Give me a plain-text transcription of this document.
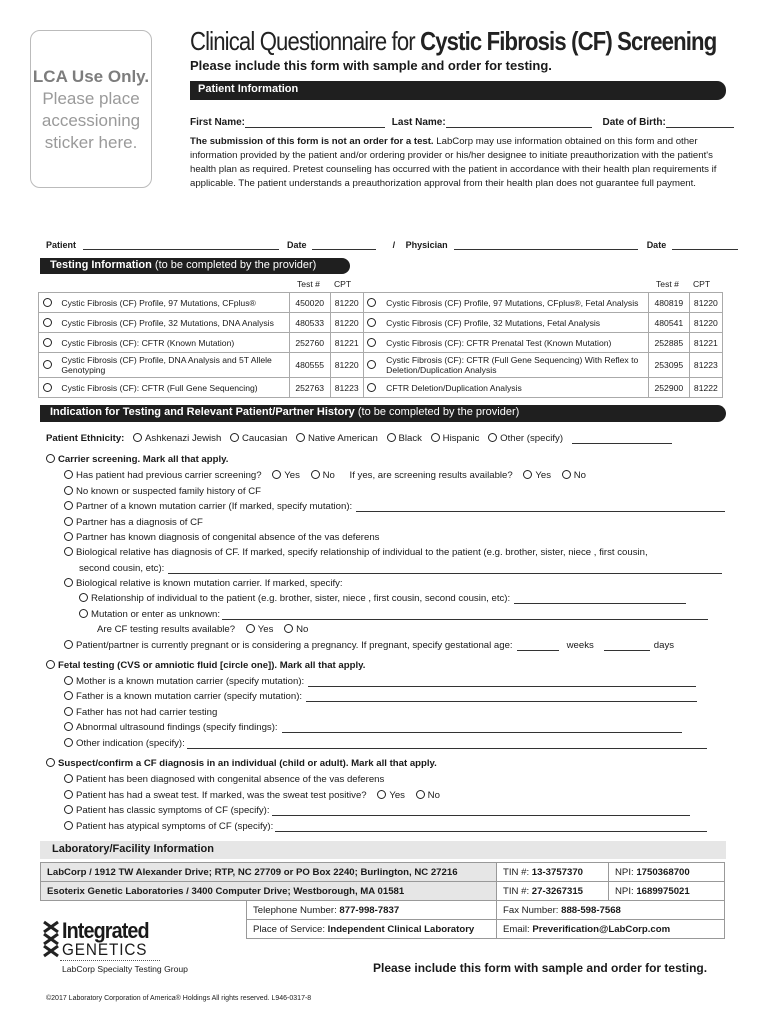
LCA Use Only.
Please place
accessioning
sticker here.
Clinical Questionnaire for Cystic Fibrosis (CF) Screening
Please include this form with sample and order for testing.
Patient Information
First Name:	Last Name:	Date of Birth:
The submission of this form is not an order for a test. LabCorp may use information obtained on this form and other information provided by the patient and/or ordering provider or his/her designee to initiate preauthorization with the patient's health plan as required. Pretest counseling has occurred with the patient in accordance with their health plan requirements if applicable. The patient understands a preauthorization approval from their health plan does not guarantee full payment.
Patient	Date	/ Physician	Date
Testing Information (to be completed by the provider)
Test # CPT	Test # CPT
	Cystic Fibrosis (CF) Profile, 97 Mutations, CFplus®	450020	81220		Cystic Fibrosis (CF) Profile, 97 Mutations, CFplus®, Fetal Analysis	480819	81220
	Cystic Fibrosis (CF) Profile, 32 Mutations, DNA Analysis	480533	81220		Cystic Fibrosis (CF) Profile, 32 Mutations, Fetal Analysis	480541	81220
	Cystic Fibrosis (CF): CFTR (Known Mutation)	252760	81221		Cystic Fibrosis (CF): CFTR Prenatal Test (Known Mutation)	252885	81221
	Cystic Fibrosis (CF) Profile, DNA Analysis and 5T Allele Genotyping	480555	81220		Cystic Fibrosis (CF): CFTR (Full Gene Sequencing) With Reflex to Deletion/Duplication Analysis	253095	81223
	Cystic Fibrosis (CF): CFTR (Full Gene Sequencing)	252763	81223		CFTR Deletion/Duplication Analysis	252900	81222
Indication for Testing and Relevant Patient/Partner History (to be completed by the provider)
Patient Ethnicity: Ashkenazi Jewish Caucasian Native American Black Hispanic Other (specify)
Carrier screening. Mark all that apply.
Has patient had previous carrier screening? Yes No If yes, are screening results available? Yes No
No known or suspected family history of CF
Partner of a known mutation carrier (If marked, specify mutation):
Partner has a diagnosis of CF
Partner has known diagnosis of congenital absence of the vas deferens
Biological relative has diagnosis of CF. If marked, specify relationship of individual to the patient (e.g. brother, sister, niece , first cousin,
second cousin, etc):
Biological relative is known mutation carrier. If marked, specify:
Relationship of individual to the patient (e.g. brother, sister, niece , first cousin, second cousin, etc):
Mutation or enter as unknown:
Are CF testing results available? Yes No
Patient/partner is currently pregnant or is considering a pregnancy. If pregnant, specify gestational age:	weeks	days
Fetal testing (CVS or amniotic fluid [circle one]). Mark all that apply.
Mother is a known mutation carrier (specify mutation):
Father is a known mutation carrier (specify mutation):
Father has not had carrier testing
Abnormal ultrasound findings (specify findings):
Other indication (specify):
Suspect/confirm a CF diagnosis in an individual (child or adult). Mark all that apply.
Patient has been diagnosed with congenital absence of the vas deferens
Patient has had a sweat test. If marked, was the sweat test positive? Yes No
Patient has classic symptoms of CF (specify):
Patient has atypical symptoms of CF (specify):
Laboratory/Facility Information
LabCorp / 1912 TW Alexander Drive; RTP, NC 27709 or PO Box 2240; Burlington, NC 27216		TIN #: 13-3757370	NPI: 1750368700
Esoterix Genetic Laboratories / 3400 Computer Drive; Westborough, MA 01581		TIN #: 27-3267315	NPI: 1689975021
	Telephone Number: 877-998-7837	Fax Number: 888-598-7568	
	Place of Service: Independent Clinical Laboratory	Email: Preverification@LabCorp.com	
Integrated
GENETICS
LabCorp Specialty Testing Group	Please include this form with sample and order for testing.
©2017 Laboratory Corporation of America® Holdings All rights reserved. L946-0317-8
